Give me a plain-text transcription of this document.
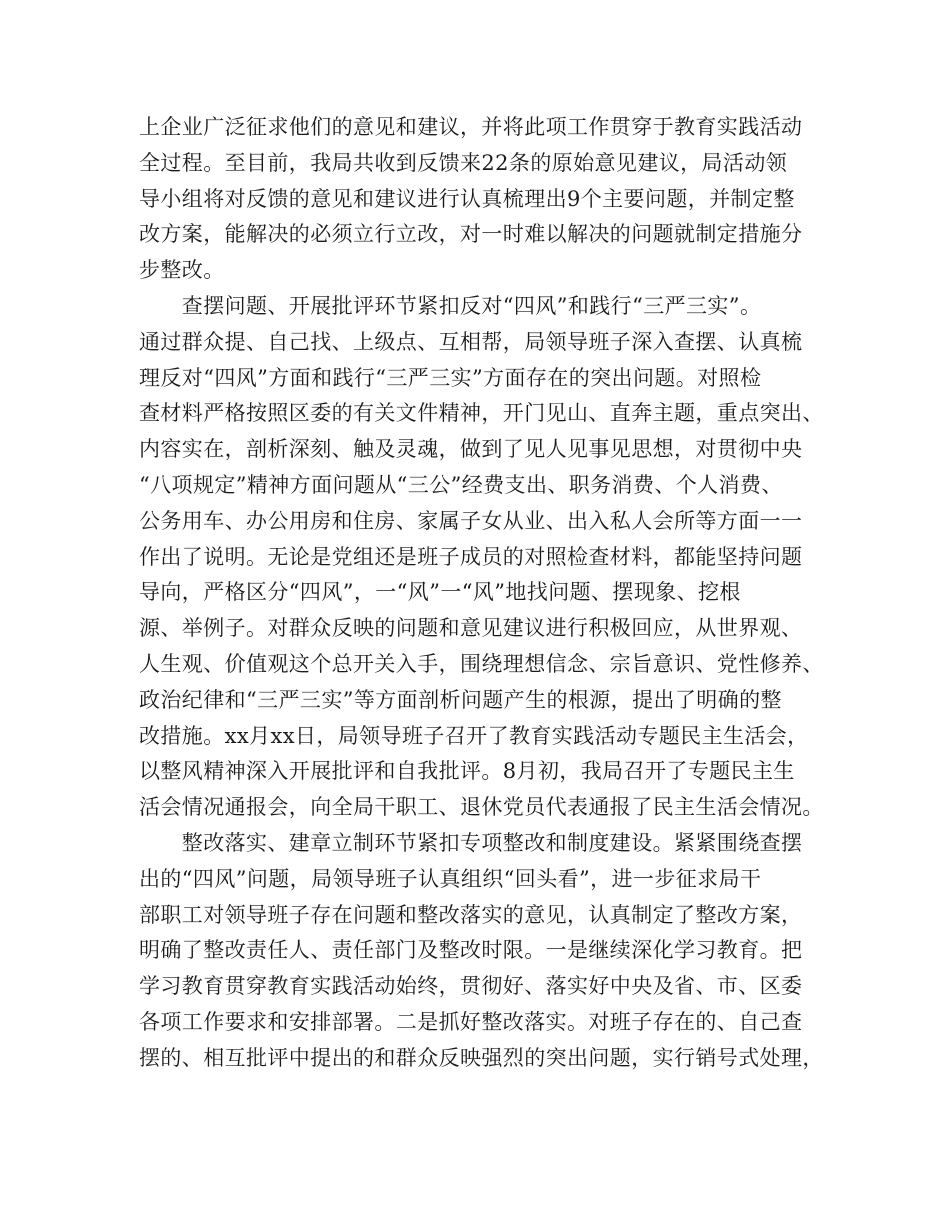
上企业广泛征求他们的意见和建议，并将此项工作贯穿于教育实践活动
全过程。至目前，我局共收到反馈来22条的原始意见建议，局活动领
导小组将对反馈的意见和建议进行认真梳理出9个主要问题，并制定整
改方案，能解决的必须立行立改，对一时难以解决的问题就制定措施分
步整改。
　　查摆问题、开展批评环节紧扣反对“四风”和践行“三严三实”。
通过群众提、自己找、上级点、互相帮，局领导班子深入查摆、认真梳
理反对“四风”方面和践行“三严三实”方面存在的突出问题。对照检
查材料严格按照区委的有关文件精神，开门见山、直奔主题，重点突出、
内容实在，剖析深刻、触及灵魂，做到了见人见事见思想，对贯彻中央
“八项规定”精神方面问题从“三公”经费支出、职务消费、个人消费、
公务用车、办公用房和住房、家属子女从业、出入私人会所等方面一一
作出了说明。无论是党组还是班子成员的对照检查材料，都能坚持问题
导向，严格区分“四风”，一“风”一“风”地找问题、摆现象、挖根
源、举例子。对群众反映的问题和意见建议进行积极回应，从世界观、
人生观、价值观这个总开关入手，围绕理想信念、宗旨意识、党性修养、
政治纪律和“三严三实”等方面剖析问题产生的根源，提出了明确的整
改措施。xx月xx日，局领导班子召开了教育实践活动专题民主生活会，
以整风精神深入开展批评和自我批评。8月初，我局召开了专题民主生
活会情况通报会，向全局干职工、退休党员代表通报了民主生活会情况。
　　整改落实、建章立制环节紧扣专项整改和制度建设。紧紧围绕查摆
出的“四风”问题，局领导班子认真组织“回头看”，进一步征求局干
部职工对领导班子存在问题和整改落实的意见，认真制定了整改方案，
明确了整改责任人、责任部门及整改时限。一是继续深化学习教育。把
学习教育贯穿教育实践活动始终，贯彻好、落实好中央及省、市、区委
各项工作要求和安排部署。二是抓好整改落实。对班子存在的、自己查
摆的、相互批评中提出的和群众反映强烈的突出问题，实行销号式处理，
